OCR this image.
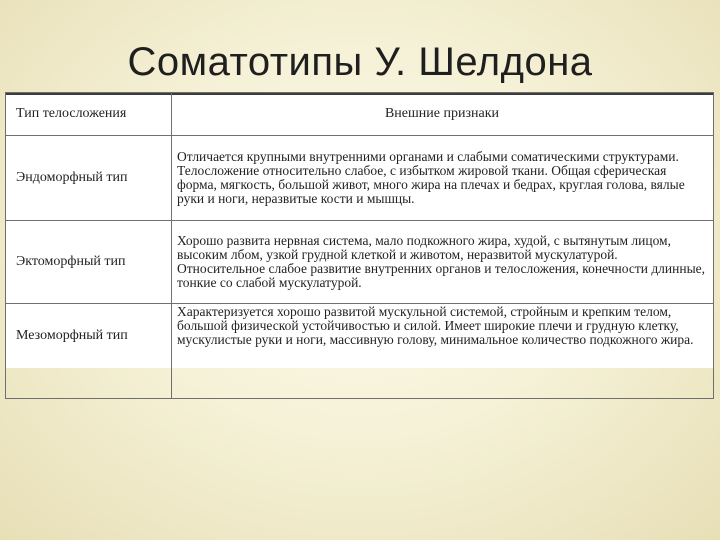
Соматотипы У. Шелдона
Тип телосложения	Внешние признаки
Эндоморфный тип	Отличается крупными внутренними органами и слабыми соматическими структурами. Телосложение относительно слабое, с избытком жировой ткани. Общая сферическая форма, мягкость, большой живот, много жира на плечах и бедрах, круглая голова, вялые руки и ноги, неразвитые кости и мышцы.
Эктоморфный тип	Хорошо развита нервная система, мало подкожного жира, худой, с вытянутым лицом, высоким лбом, узкой грудной клеткой и животом, неразвитой мускулатурой. Относительное слабое развитие внутренних органов и телосложения, конечности длинные, тонкие со слабой мускулатурой.
Мезоморфный тип	Характеризуется хорошо развитой мускульной системой, стройным и крепким телом, большой физической устойчивостью и силой. Имеет широкие плечи и грудную клетку, мускулистые руки и ноги, массивную голову, минимальное количество подкожного жира.
